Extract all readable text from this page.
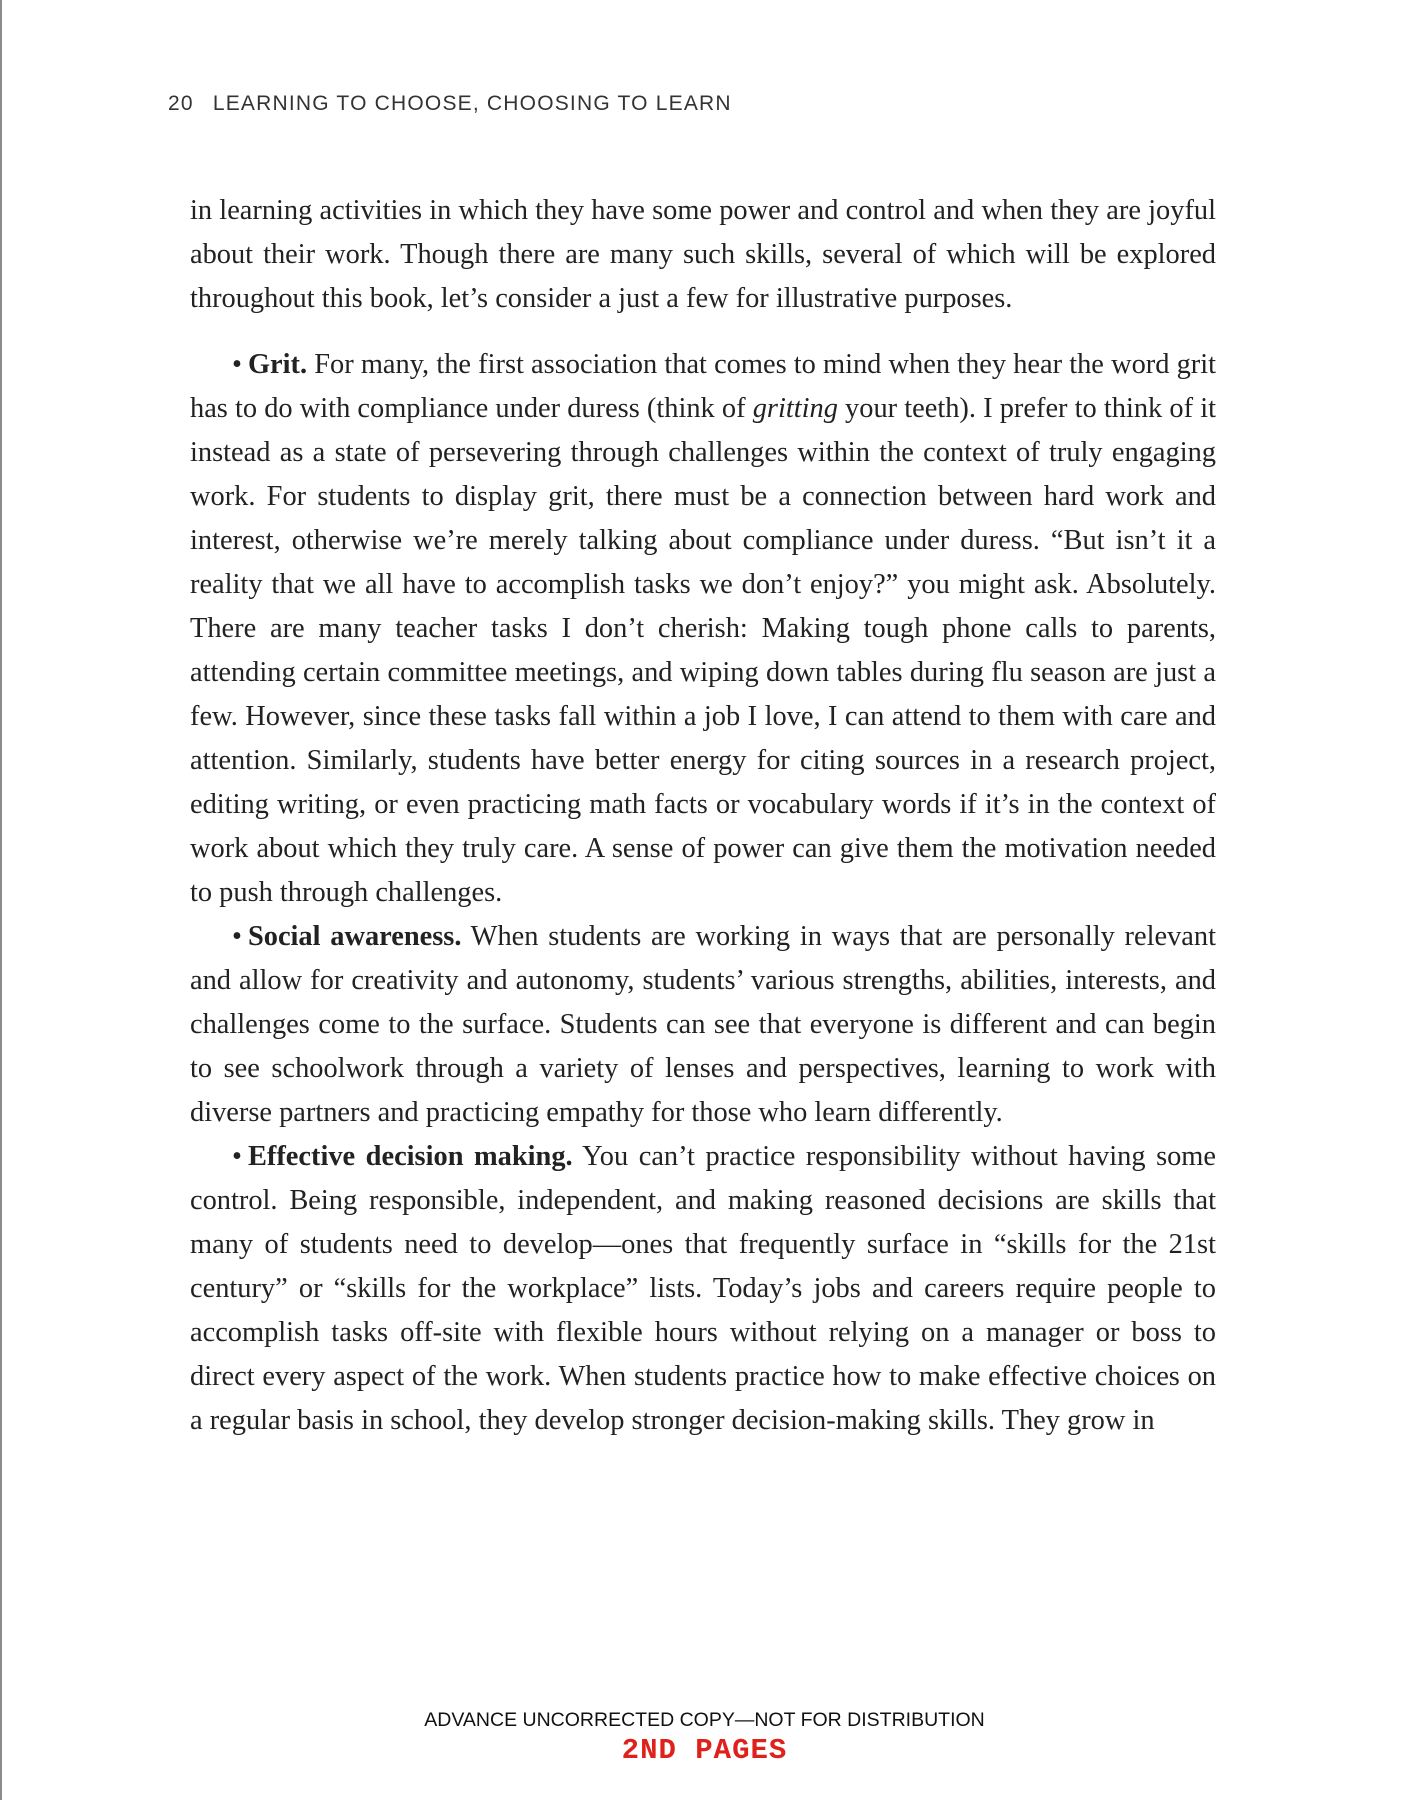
20 LEARNING TO CHOOSE, CHOOSING TO LEARN

in learning activities in which they have some power and control and when they are joyful about their work. Though there are many such skills, several of which will be explored throughout this book, let’s consider a just a few for illustrative purposes.

• Grit. For many, the first association that comes to mind when they hear the word grit has to do with compliance under duress (think of gritting your teeth). I prefer to think of it instead as a state of persevering through challenges within the context of truly engaging work. For students to display grit, there must be a connection between hard work and interest, otherwise we’re merely talking about compliance under duress. “But isn’t it a reality that we all have to accomplish tasks we don’t enjoy?” you might ask. Absolutely. There are many teacher tasks I don’t cherish: Making tough phone calls to parents, attending certain committee meetings, and wiping down tables during flu season are just a few. However, since these tasks fall within a job I love, I can attend to them with care and attention. Similarly, students have better energy for citing sources in a research project, editing writing, or even practicing math facts or vocabulary words if it’s in the context of work about which they truly care. A sense of power can give them the motivation needed to push through challenges.

• Social awareness. When students are working in ways that are personally relevant and allow for creativity and autonomy, students’ various strengths, abilities, interests, and challenges come to the surface. Students can see that everyone is different and can begin to see schoolwork through a variety of lenses and perspectives, learning to work with diverse partners and practicing empathy for those who learn differently.

• Effective decision making. You can’t practice responsibility without having some control. Being responsible, independent, and making reasoned decisions are skills that many of students need to develop—ones that frequently surface in “skills for the 21st century” or “skills for the workplace” lists. Today’s jobs and careers require people to accomplish tasks off-site with flexible hours without relying on a manager or boss to direct every aspect of the work. When students practice how to make effective choices on a regular basis in school, they develop stronger decision-making skills. They grow in

ADVANCE UNCORRECTED COPY—NOT FOR DISTRIBUTION
2ND PAGES
